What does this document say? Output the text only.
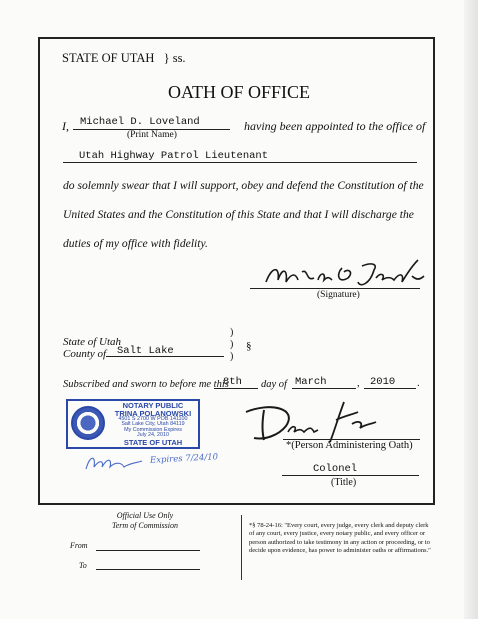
STATE OF UTAH } ss.
OATH OF OFFICE
I, Michael D. Loveland
(Print Name)
having been appointed to the office of
Utah Highway Patrol Lieutenant
do solemnly swear that I will support, obey and defend the Constitution of the
United States and the Constitution of this State and that I will discharge the
duties of my office with fidelity.
(Signature)
State of Utah
County of Salt Lake
)
)
)
§
Subscribed and sworn to before me this
8th day of March	, 2010 .
NOTARY PUBLIC
TRINA POLANOWSKI
4501 S 2700 W POB 141100
Salt Lake City, Utah 84119
My Commission Expires
July 24, 2010
STATE OF UTAH
Expires 7/24/10
*(Person Administering Oath)
Colonel
(Title)
Official Use Only
Term of Commission
From
To
*§ 78-24-16: "Every court, every judge, every clerk and deputy clerk of any court, every justice, every notary public, and every officer or person authorized to take testimony in any action or proceeding, or to decide upon evidence, has power to administer oaths or affirmations."
